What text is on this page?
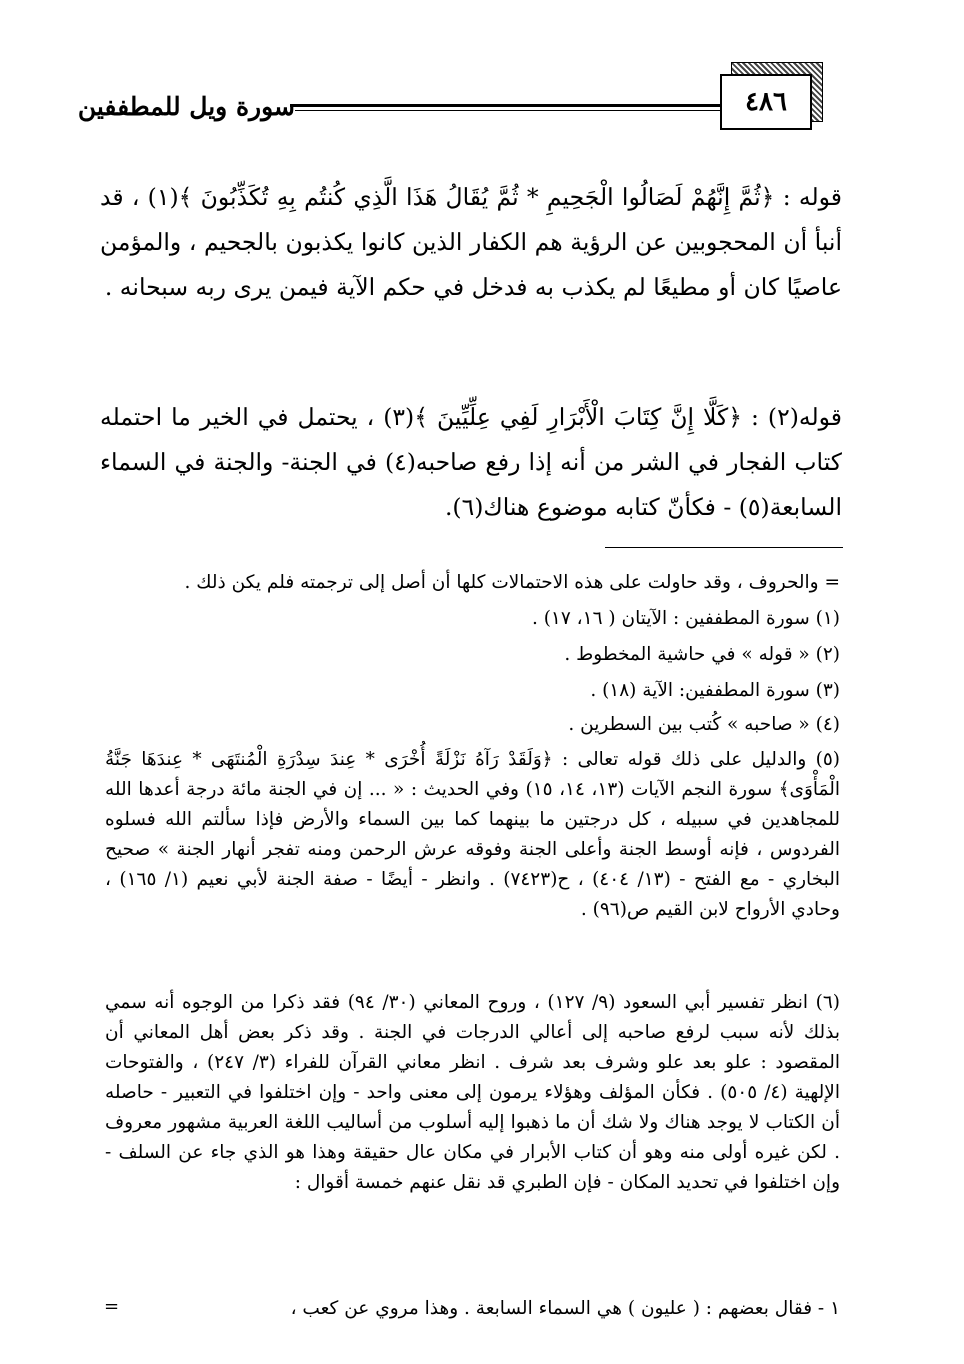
سورة ويل للمطففين	٤٨٦
قوله : ﴿ثُمَّ إِنَّهُمْ لَصَالُوا الْجَحِيمِ * ثُمَّ يُقَالُ هَذَا الَّذِي كُنتُم بِهِ تُكَذِّبُونَ ﴾(١) ، قد أنبأ أن المحجوبين عن الرؤية هم الكفار الذين كانوا يكذبون بالجحيم ، والمؤمن عاصيًا كان أو مطيعًا لم يكذب به فدخل في حكم الآية فيمن يرى ربه سبحانه .
قوله(٢) : ﴿كَلَّا إِنَّ كِتَابَ الْأَبْرَارِ لَفِي عِلِّيِّينَ ﴾(٣) ، يحتمل في الخير ما احتمله كتاب الفجار في الشر من أنه إذا رفع صاحبه(٤) في الجنة- والجنة في السماء السابعة(٥) - فكأنّ كتابه موضوع هناك(٦).
= والحروف ، وقد حاولت على هذه الاحتمالات كلها أن أصل إلى ترجمته فلم يكن ذلك .
(١) سورة المطففين : الآيتان ( ١٦، ١٧) .
(٢) « قوله » في حاشية المخطوط .
(٣) سورة المطففين: الآية (١٨) .
(٤) « صاحبه » كُتب بين السطرين .
(٥) والدليل على ذلك قوله تعالى : ﴿وَلَقَدْ رَآهُ نَزْلَةً أُخْرَى * عِندَ سِدْرَةِ الْمُنتَهَى * عِندَهَا جَنَّةُ الْمَأْوَى﴾ سورة النجم الآيات (١٣، ١٤، ١٥) وفي الحديث : « ... إن في الجنة مائة درجة أعدها الله للمجاهدين في سبيله ، كل درجتين ما بينهما كما بين السماء والأرض فإذا سألتم الله فسلوه الفردوس ، فإنه أوسط الجنة وأعلى الجنة وفوقه عرش الرحمن ومنه تفجر أنهار الجنة » صحيح البخاري - مع الفتح - (١٣/ ٤٠٤) ، ح(٧٤٢٣) . وانظر - أيضًا - صفة الجنة لأبي نعيم (١/ ١٦٥) ، وحادي الأرواح لابن القيم ص(٩٦) .
(٦) انظر تفسير أبي السعود (٩/ ١٢٧) ، وروح المعاني (٣٠/ ٩٤) فقد ذكرا من الوجوه أنه سمي بذلك لأنه سبب لرفع صاحبه إلى أعالي الدرجات في الجنة . وقد ذكر بعض أهل المعاني أن المقصود : علو بعد علو وشرف بعد شرف . انظر معاني القرآن للفراء (٣/ ٢٤٧) ، والفتوحات الإلهية (٤/ ٥٠٥) . فكأن المؤلف وهؤلاء يرمون إلى معنى واحد - وإن اختلفوا في التعبير - حاصله أن الكتاب لا يوجد هناك ولا شك أن ما ذهبوا إليه أسلوب من أساليب اللغة العربية مشهور معروف . لكن غيره أولى منه وهو أن كتاب الأبرار في مكان عال حقيقة وهذا هو الذي جاء عن السلف - وإن اختلفوا في تحديد المكان - فإن الطبري قد نقل عنهم خمسة أقوال :
١ - فقال بعضهم : ( عليون ) هي السماء السابعة . وهذا مروي عن كعب ،
=
